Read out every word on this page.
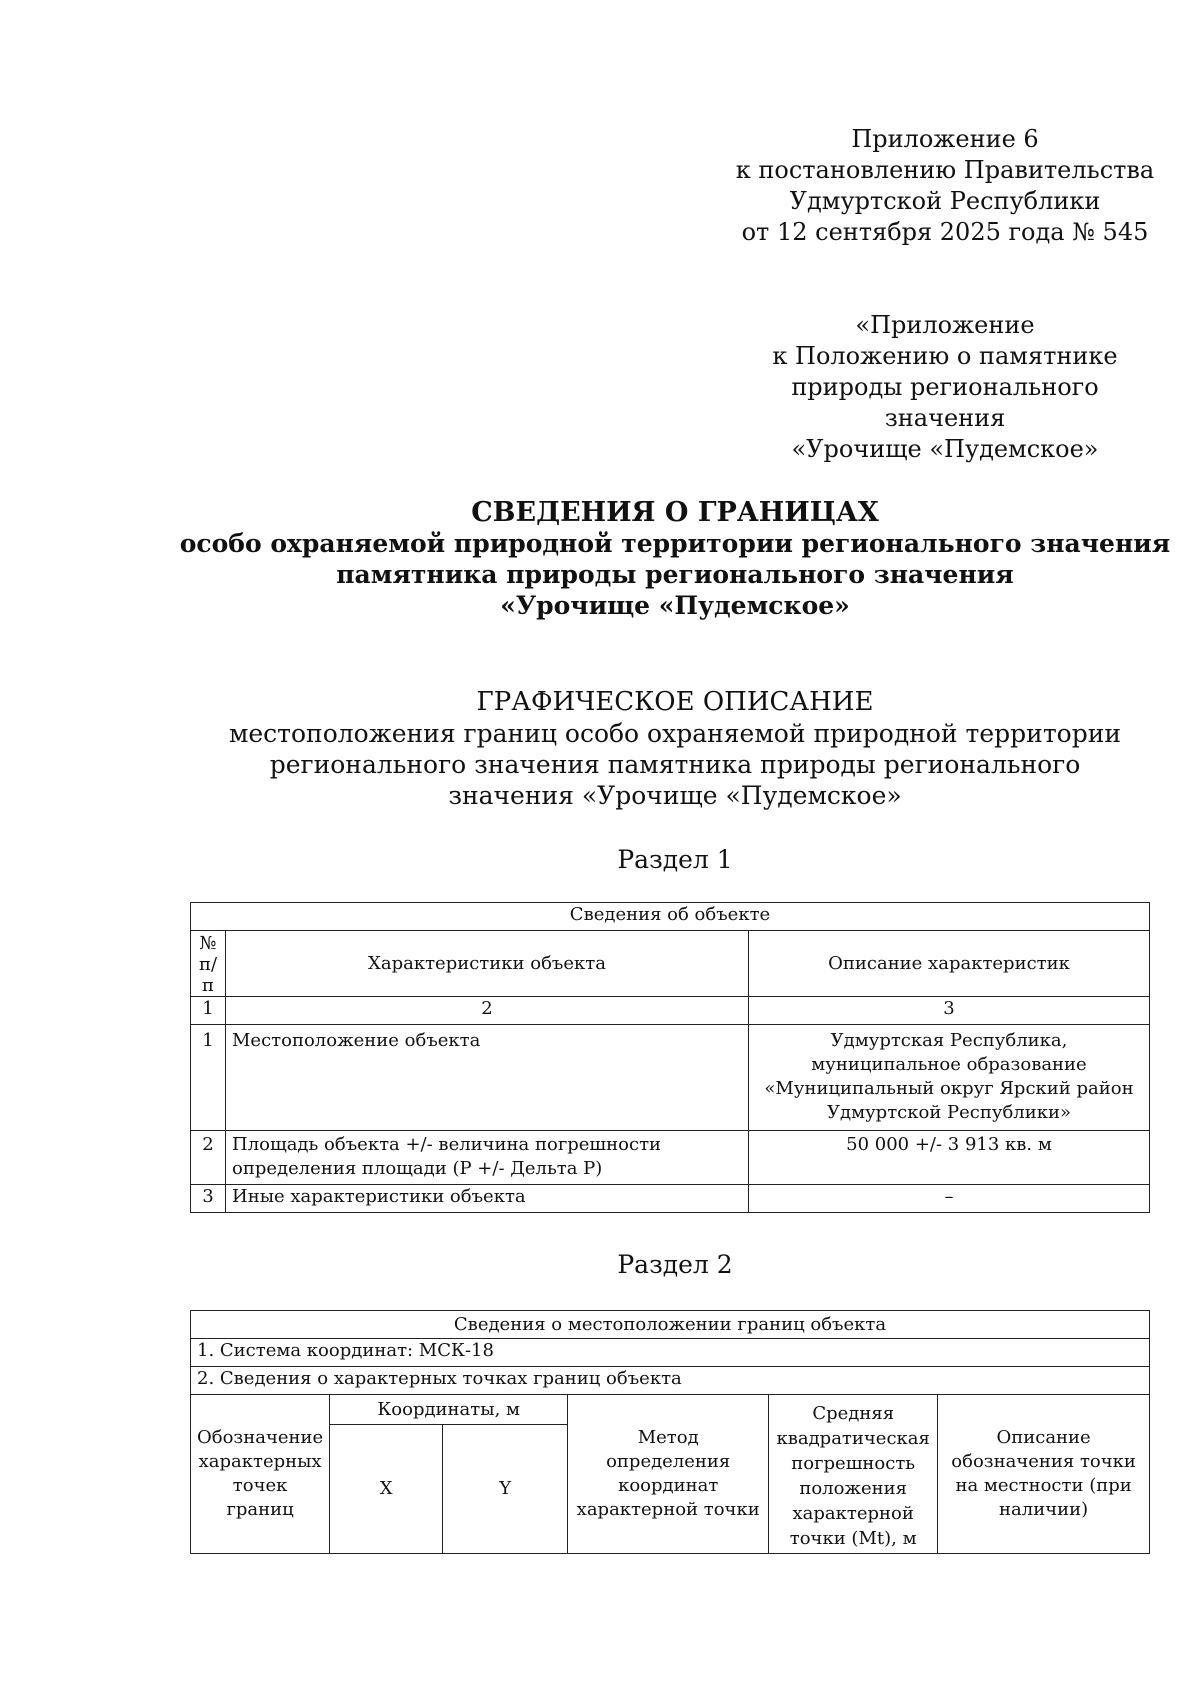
Приложение 6
к постановлению Правительства
Удмуртской Республики
от 12 сентября 2025 года № 545
«Приложение
к Положению о памятнике
природы регионального значения
«Урочище «Пудемское»
СВЕДЕНИЯ О ГРАНИЦАХ
особо охраняемой природной территории регионального значения
памятника природы регионального значения
«Урочище «Пудемское»
ГРАФИЧЕСКОЕ ОПИСАНИЕ
местоположения границ особо охраняемой природной территории
регионального значения памятника природы регионального
значения «Урочище «Пудемское»
Раздел 1
Сведения об объекте		
№ п/п	Характеристики объекта	Описание характеристик
1	2	3
1	Местоположение объекта	Удмуртская Республика, муниципальное образование «Муниципальный округ Ярский район Удмуртской Республики»
2	Площадь объекта +/- величина погрешности определения площади (P +/- Дельта P)	50 000 +/- 3 913 кв. м
3	Иные характеристики объекта	–
Раздел 2
Сведения о местоположении границ объекта					
1. Система координат: МСК-18					
2. Сведения о характерных точках границ объекта					
Обозначение характерных точек границ	Координаты, м		Метод определения координат характерной точки	Средняя квадратическая погрешность положения характерной точки (Mt), м	Описание обозначения точки на местности (при наличии)
	X	Y			
